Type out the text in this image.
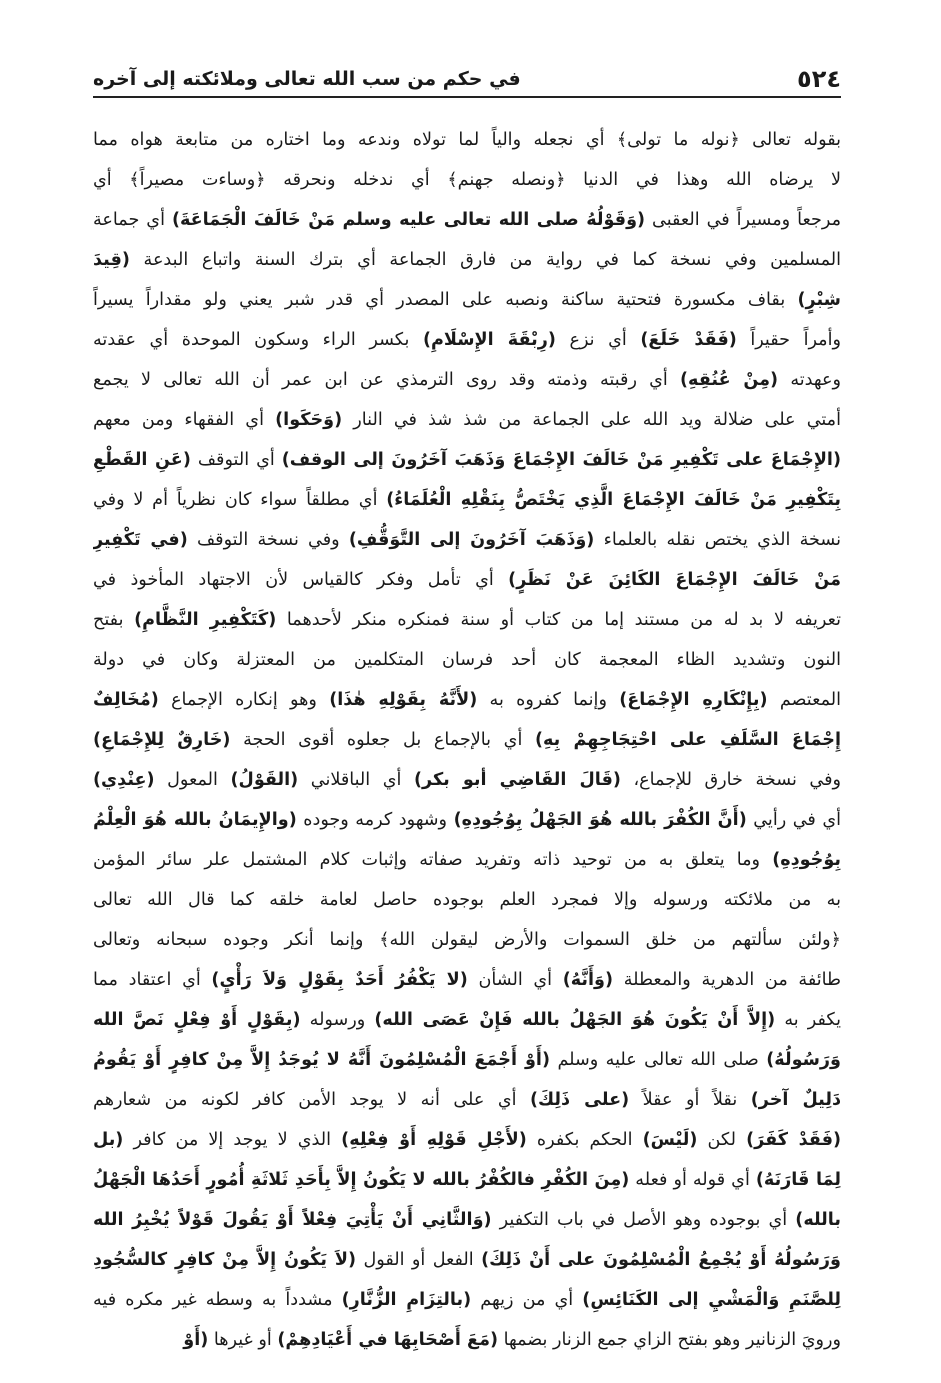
٥٢٤
في حكم من سب الله تعالى وملائكته إلى آخره
بقوله تعالى ﴿نوله ما تولى﴾ أي نجعله والياً لما تولاه وندعه وما اختاره من متابعة هواه مما
لا يرضاه الله وهذا في الدنيا ﴿ونصله جهنم﴾ أي ندخله ونحرقه ﴿وساءت مصيراً﴾ أي
مرجعاً ومسيراً في العقبى (وَقَوْلُهُ صلى الله تعالى عليه وسلم مَنْ خَالَفَ الْجَمَاعَةَ) أي جماعة
المسلمين وفي نسخة كما في رواية من فارق الجماعة أي بترك السنة واتباع البدعة (قِيدَ
شِبْرٍ) بقاف مكسورة فتحتية ساكنة ونصبه على المصدر أي قدر شبر يعني ولو مقداراً يسيراً
وأمراً حقيراً (فَقَدْ خَلَعَ) أي نزع (رِبْقَةَ الإِسْلَامِ) بكسر الراء وسكون الموحدة أي عقدته
وعهدته (مِنْ عُنُقِهِ) أي رقبته وذمته وقد روى الترمذي عن ابن عمر أن الله تعالى لا يجمع
أمتي على ضلالة ويد الله على الجماعة من شذ شذ في النار (وَحَكَوا) أي الفقهاء ومن معهم
(الإِجْمَاعَ على تَكْفِيرِ مَنْ خَالَفَ الإِجْمَاعَ وَذَهَبَ آخَرُونَ إلى الوقف) أي التوقف (عَنِ القَطْعِ
بِتَكْفِيرِ مَنْ خَالَفَ الإِجْمَاعَ الَّذِي يَخْتَصُّ بِنَقْلِهِ الْعُلَمَاءُ) أي مطلقاً سواء كان نظرياً أم لا وفي
نسخة الذي يختص نقله بالعلماء (وَذَهَبَ آخَرُونَ إلى التَّوَقُّفِ) وفي نسخة التوقف (في تَكْفِيرِ
مَنْ خَالَفَ الإِجْمَاعَ الكَائِنَ عَنْ نَظَرٍ) أي تأمل وفكر كالقياس لأن الاجتهاد المأخوذ في
تعريفه لا بد له من مستند إما من كتاب أو سنة فمنكره منكر لأحدهما (كَتَكْفِيرِ النَّظَّامِ) بفتح
النون وتشديد الظاء المعجمة كان أحد فرسان المتكلمين من المعتزلة وكان في دولة
المعتصم (بِإِنْكَارِهِ الإِجْمَاعَ) وإنما كفروه به (لأَنَّهُ بِقَوْلِهِ هٰذَا) وهو إنكاره الإجماع (مُخَالِفٌ
إِجْمَاعَ السَّلَفِ على احْتِجَاجِهِمْ بِهِ) أي بالإجماع بل جعلوه أقوى الحجة (خَارِقٌ لِلإِجْمَاعِ)
وفي نسخة خارق للإجماع، (قَالَ القَاضِي أبو بكر) أي الباقلاني (القَوْلُ) المعول (عِنْدِي)
أي في رأيي (أَنَّ الكُفْرَ بالله هُوَ الجَهْلُ بِوُجُودِهِ) وشهود كرمه وجوده (والإِيمَانُ بالله هُوَ الْعِلْمُ
بِوُجُودِهِ) وما يتعلق به من توحيد ذاته وتفريد صفاته وإثبات كلام المشتمل علر سائر المؤمن
به من ملائكته ورسوله وإلا فمجرد العلم بوجوده حاصل لعامة خلقه كما قال الله تعالى
﴿ولئن سألتهم من خلق السموات والأرض ليقولن الله﴾ وإنما أنكر وجوده سبحانه وتعالى
طائفة من الدهرية والمعطلة (وَأَنَّهُ) أي الشأن (لا يَكْفُرُ أَحَدٌ بِقَوْلٍ وَلاَ رَأْيٍ) أي اعتقاد مما
يكفر به (إِلاَّ أَنْ يَكُونَ هُوَ الجَهْلُ بالله فَإِنْ عَصَى الله) ورسوله (بِقَوْلٍ أَوْ فِعْلٍ نَصَّ الله
وَرَسُولُهُ) صلى الله تعالى عليه وسلم (أَوْ أَجْمَعَ الْمُسْلِمُونَ أَنَّهُ لا يُوجَدُ إِلاَّ مِنْ كافِرٍ أَوْ يَقُومُ
دَلِيلٌ آخر) نقلاً أو عقلاً (على ذَلِكَ) أي على أنه لا يوجد الأمن كافر لكونه من شعارهم
(فَقَدْ كَفَرَ) لكن (لَيْسَ) الحكم بكفره (لأَجْلِ قَوْلِهِ أَوْ فِعْلِهِ) الذي لا يوجد إلا من كافر (بل
لِمَا قَارَنَهُ) أي قوله أو فعله (مِنَ الكُفْرِ فالكُفْرُ بالله لا يَكُونُ إِلاَّ بِأَحَدِ ثَلاثَةِ أُمُورٍ أَحَدُهَا الْجَهْلُ
بالله) أي بوجوده وهو الأصل في باب التكفير (وَالثَّانِي أَنْ يَأْتِيَ فِعْلاً أَوْ يَقُولَ قَوْلاً يُخْبِرُ الله
وَرَسُولُهُ أَوْ يُجْمِعُ الْمُسْلِمُونَ على أَنْ ذَلِكَ) الفعل أو القول (لاَ يَكُونُ إِلاَّ مِنْ كافِرٍ كالسُّجُودِ
لِلصَّنَمِ وَالْمَشْيِ إلى الكَنَائِسِ) أي من زيهم (بالتِزَامِ الزُّنَّارِ) مشدداً به وسطه غير مكره فيه
ورويَ الزنانير وهو بفتح الزاي جمع الزنار بضمها (مَعَ أَصْحَابِهَا في أَعْيَادِهِمْ) أو غيرها (أَوْ
